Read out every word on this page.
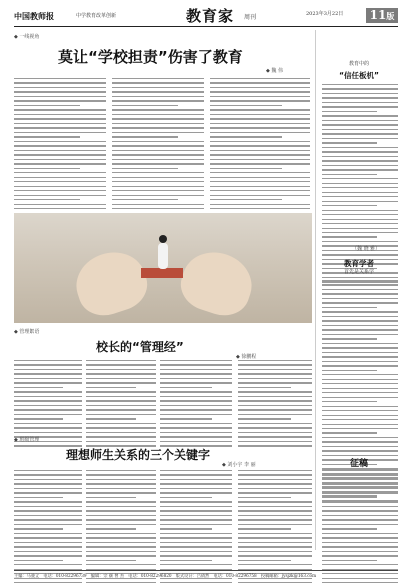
中国教师报	中学教育改革创新	教育家 周刊	2023年3月22日	11版
◆ 一线视角
莫让“学校担责”伤害了教育
◆ 魏 伟
◆ 管理絮语
校长的“管理经”
◆ 徐鹏程
◆ 班级管理
理想师生关系的三个关键字
◆ 刘小宇 李 丽
教育中的
“信任板机”
（魏 晓 雅）
教育学者
首先是关系学
征稿
主编：马骏义　电话：010-82296739　编辑：宗 颐 曾 杰　电话：010-82296820　版式设计：吕倩然　电话：010-82296758　投稿邮箱：jysjzk@163.com
